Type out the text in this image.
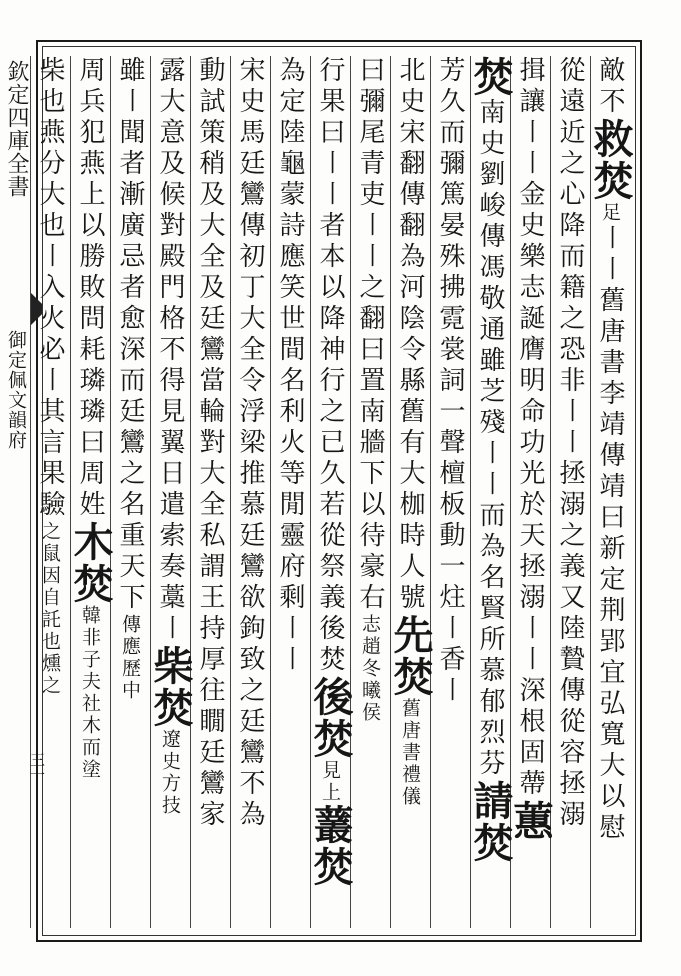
欽定四庫全書
御定佩文韻府
三一
敵不救焚足〡〡舊唐書李靖傳靖曰新定荆郢宜弘寬大以慰
從遠近之心降而籍之恐非〡〡拯溺之義又陸贄傳從容拯溺
揖讓〡〡金史樂志誕膺明命功光於天拯溺〡〡深根固蔕蕙
焚南史劉峻傳馮敬通雖芝殘〡〡而為名賢所慕郁烈芬請焚
芳久而彌篤晏殊拂霓裳詞一聲檀板動一炷〡香〡
北史宋翻傳翻為河陰令縣舊有大枷時人號先焚舊唐書禮儀
曰彌尾青吏〡〡之翻曰置南牆下以待豪右志趙冬曦侯
行果曰〡〡者本以降神行之已久若從祭義後焚後焚見上䕺焚
為定陸龜蒙詩應笑世間名利火等閒靈府剩〡〡
宋史馬廷鸞傳初丁大全令浮梁推慕廷鸞欲鉤致之廷鸞不為
動試策稍及大全及廷鸞當輪對大全私謂王持厚往瞯廷鸞家
露大意及候對殿門格不得見翼日遣索奏藁〡柴焚遼史方技
雖〡聞者漸廣忌者愈深而廷鸞之名重天下傳應歷中
周兵犯燕上以勝敗問耗璘璘曰周姓木焚韓非子夫社木而塗
柴也燕分大也〡入火必〡其言果驗之鼠因自託也燻之
